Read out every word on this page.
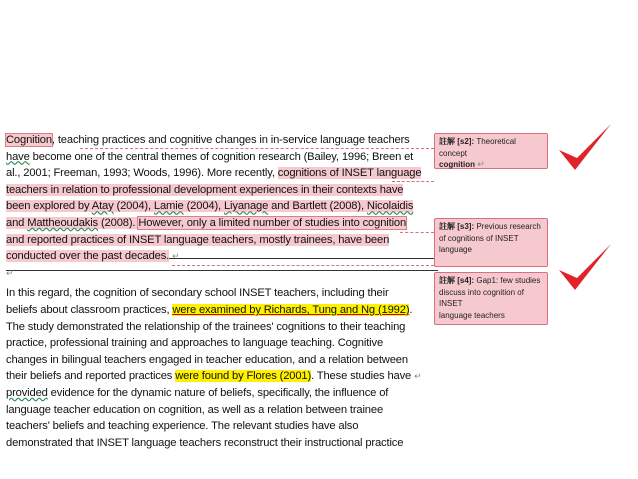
Cognition, teaching practices and cognitive changes in in-service language teachers
have become one of the central themes of cognition research (Bailey, 1996; Breen et
al., 2001; Freeman, 1993; Woods, 1996). More recently, cognitions of INSET language
teachers in relation to professional development experiences in their contexts have
been explored by Atay (2004), Lamie (2004), Liyanage and Bartlett (2008), Nicolaidis
and Mattheoudakis (2008). However, only a limited number of studies into cognition
and reported practices of INSET language teachers, mostly trainees, have been
conducted over the past decades. ↵
↵
In this regard, the cognition of secondary school INSET teachers, including their
beliefs about classroom practices, were examined by Richards, Tung and Ng (1992).
The study demonstrated the relationship of the trainees' cognitions to their teaching
practice, professional training and approaches to language teaching. Cognitive
changes in bilingual teachers engaged in teacher education, and a relation between
their beliefs and reported practices were found by Flores (2001). These studies have ↵
provided evidence for the dynamic nature of beliefs, specifically, the influence of
language teacher education on cognition, as well as a relation between trainee
teachers' beliefs and teaching experience. The relevant studies have also
demonstrated that INSET language teachers reconstruct their instructional practice
註解 [s2]: Theoretical concept
cognition ↵
註解 [s3]: Previous research
of cognitions of INSET
language
註解 [s4]: Gap1: few studies
discuss into cognition of INSET
language teachers
